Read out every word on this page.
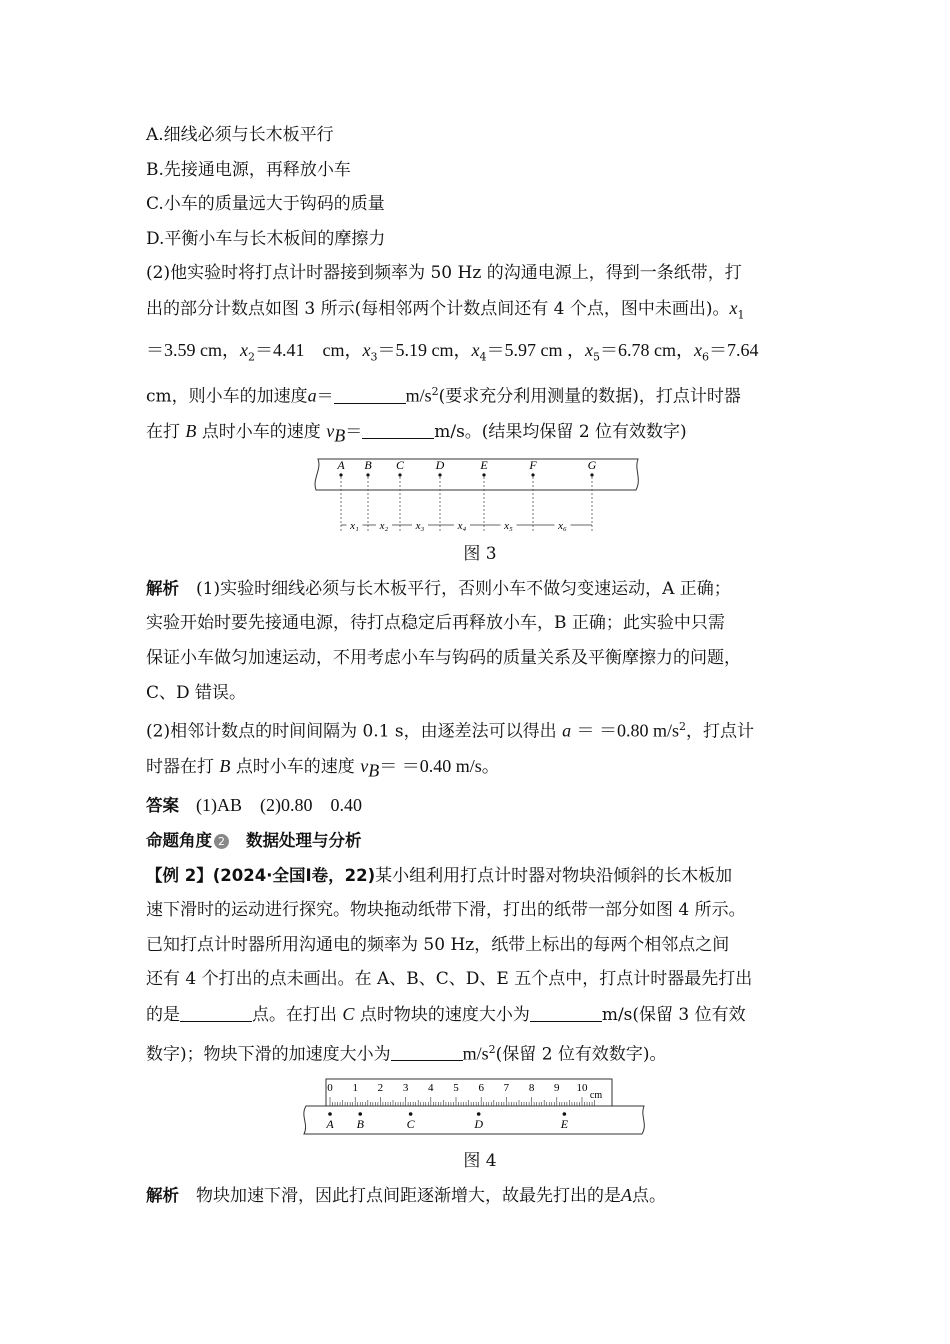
A.细线必须与长木板平行
B.先接通电源，再释放小车
C.小车的质量远大于钩码的质量
D.平衡小车与长木板间的摩擦力
(2)他实验时将打点计时器接到频率为 50 Hz 的沟通电源上，得到一条纸带，打
出的部分计数点如图 3 所示(每相邻两个计数点间还有 4 个点，图中未画出)。$x_1$
＝3.59 cm，$x_2=4.41$　cm，$x_3=5.19$ cm，$x_4=5.97$ cm ，$x_5=6.78$ cm，$x_6=7.64$
cm，则小车的加速度a＝	$m/s^2$(要求充分利用测量的数据)，打点计时器
在打 B 点时小车的速度 $v_B=$	m/s。(结果均保留 2 位有效数字)
A B C	D	E	F	G
x₁ x₂ x₃	x₄	x₅	x₆
图 3
解析　 (1)实验时细线必须与长木板平行，否则小车不做匀变速运动，A 正确；
实验开始时要先接通电源，待打点稳定后再释放小车，B 正确；此实验中只需
保证小车做匀加速运动，不用考虑小车与钩码的质量关系及平衡摩擦力的问题，
C、D 错误。
(2)相邻计数点的时间间隔为 0.1 s，由逐差法可以得出 a ＝ ＝0.80 $m/s^2$，打点计
时器在打 B 点时小车的速度 $v_B= =0.40$ m/s。
答案　 (1)AB　(2)0.80　0.40
命题角度 2　 数据处理与分析
【例 2】(2024·全国Ⅰ卷，22)某小组利用打点计时器对物块沿倾斜的长木板加
速下滑时的运动进行探究。物块拖动纸带下滑，打出的纸带一部分如图 4 所示。
已知打点计时器所用沟通电的频率为 50 Hz，纸带上标出的每两个相邻点之间
还有 4 个打出的点未画出。在 A、B、C、D、E 五个点中，打点计时器最先打出
的是	点。在打出 C 点时物块的速度大小为	m/s(保留 3 位有效
数字)；物块下滑的加速度大小为	$m/s^2$(保留 2 位有效数字)。
0 1 2 3 4 5 6 7 8 9 10
cm
A B	C	D	E
图 4
解析　 物块加速下滑，因此打点间距逐渐增大，故最先打出的是A点。
